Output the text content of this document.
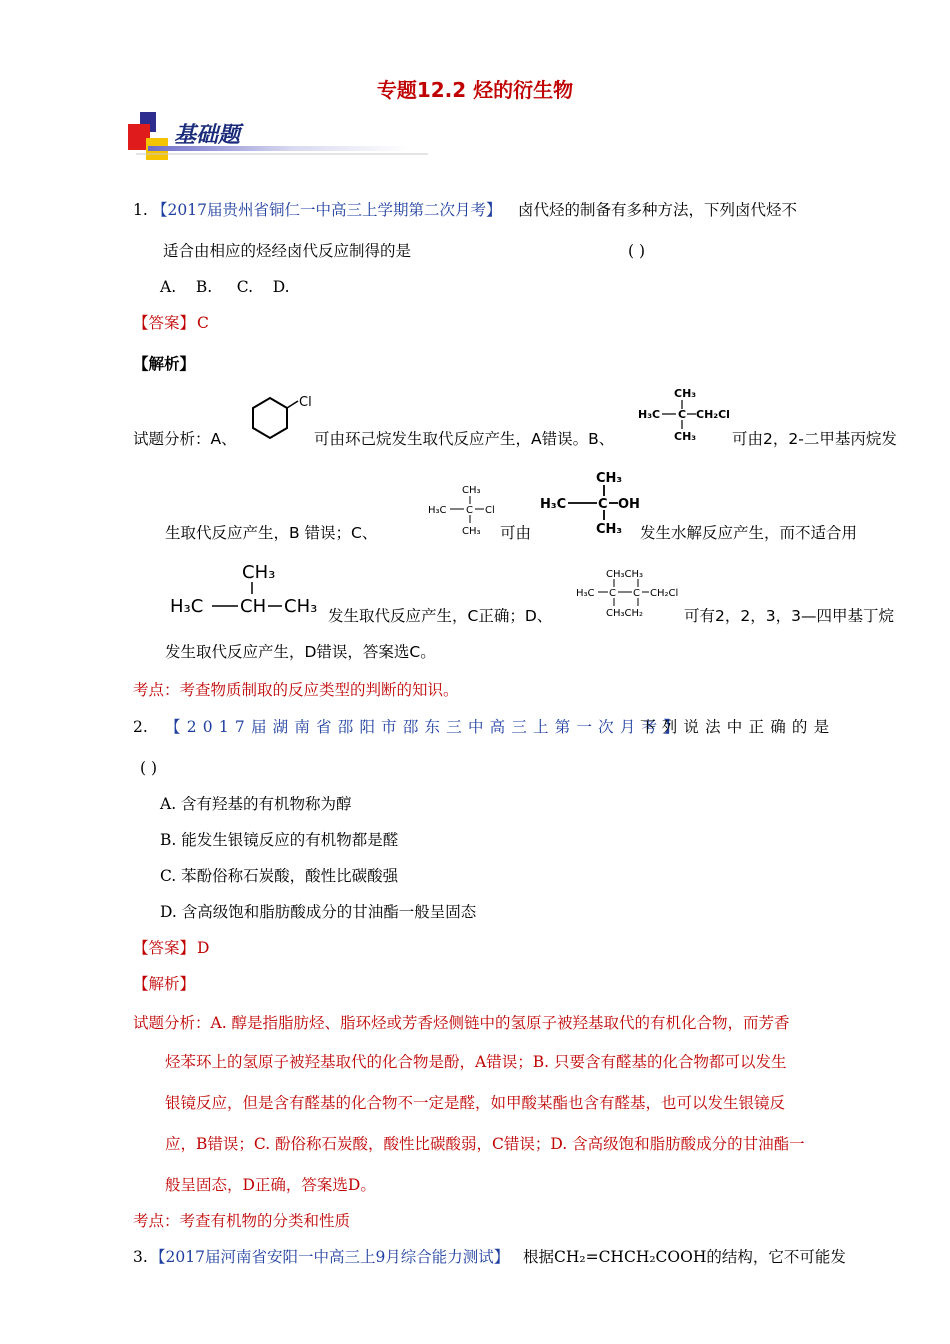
专题12.2 烃的衍生物
基础题
1. 【2017届贵州省铜仁一中高三上学期第二次月考】 卤代烃的制备有多种方法，下列卤代烃不
适合由相应的烃经卤代反应制得的是	( )
A.    B.     C.    D.
【答案】 C
【解析】
试题分析：A、
Cl
可由环己烷发生取代反应产生，A错误。B、
CH₃
H₃C C CH₂Cl
CH₃ 可由2，2-二甲基丙烷发
生取代反应产生，B 错误；C、
CH₃
H₃C C Cl
CH₃ 可由
CH₃
H₃C C OH
CH₃ 发生水解反应产生，而不适合用
CH₃
H₃C CH CH₃ 发生取代反应产生，C正确；D、
CH₃CH₃
H₃C C C CH₂Cl
CH₃CH₂	可有2，2，3，3—四甲基丁烷
发生取代反应产生，D错误，答案选C。
考点：考查物质制取的反应类型的判断的知识。
2. 【2017届湖南省邵阳市邵东三中高三上第一次月考】
下列说法中正确的是
( )
A. 含有羟基的有机物称为醇
B. 能发生银镜反应的有机物都是醛
C. 苯酚俗称石炭酸，酸性比碳酸强
D. 含高级饱和脂肪酸成分的甘油酯一般呈固态
【答案】 D
【解析】
试题分析：A. 醇是指脂肪烃、脂环烃或芳香烃侧链中的氢原子被羟基取代的有机化合物，而芳香
烃苯环上的氢原子被羟基取代的化合物是酚，A错误；B. 只要含有醛基的化合物都可以发生
银镜反应，但是含有醛基的化合物不一定是醛，如甲酸某酯也含有醛基，也可以发生银镜反
应，B错误；C. 酚俗称石炭酸，酸性比碳酸弱，C错误；D. 含高级饱和脂肪酸成分的甘油酯一
般呈固态，D正确，答案选D。
考点：考查有机物的分类和性质
3. 【2017届河南省安阳一中高三上9月综合能力测试】 根据CH₂=CHCH₂COOH的结构，它不可能发
